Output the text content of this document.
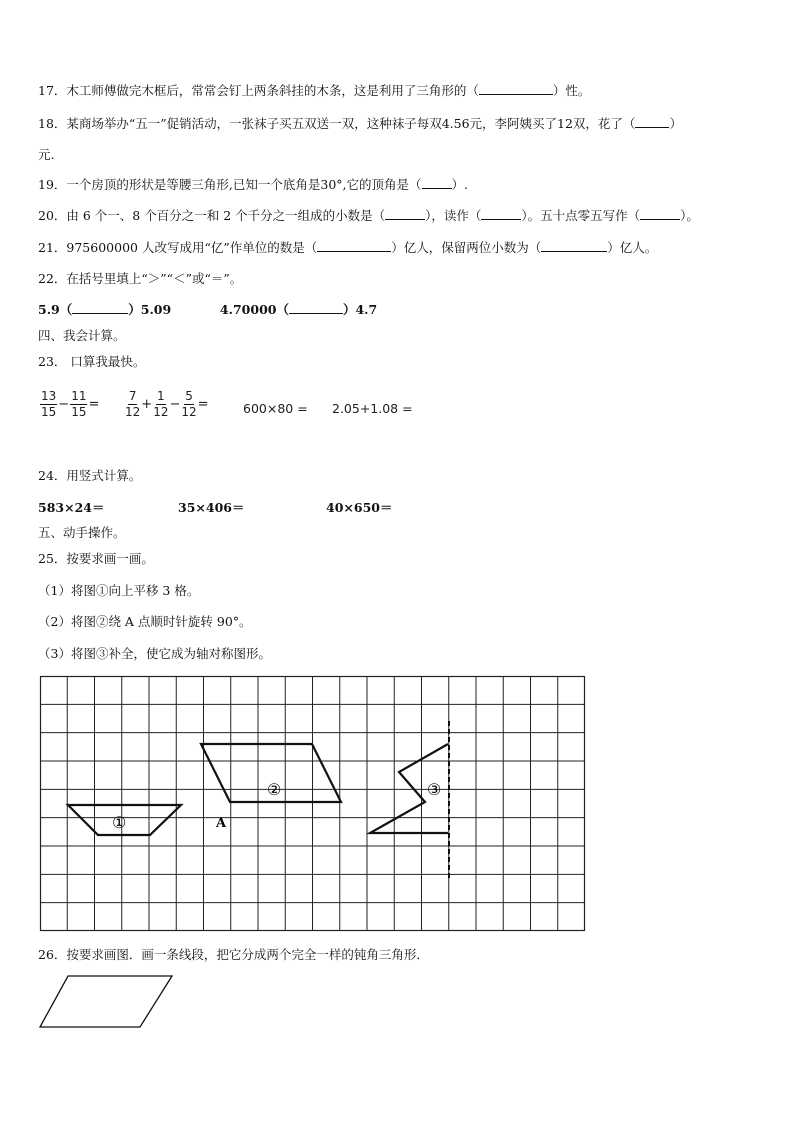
17．木工师傅做完木框后，常常会钉上两条斜挂的木条，这是利用了三角形的（	）性。
18．某商场举办“五一”促销活动，一张袜子买五双送一双，这种袜子每双4.56元，李阿姨买了12双，花了（	）
元.
19．一个房顶的形状是等腰三角形,已知一个底角是30°,它的顶角是（ ）.
20．由 6 个一、8 个百分之一和 2 个千分之一组成的小数是（	），读作（	）。五十点零五写作（	）。
21．975600000 人改写成用“亿”作单位的数是（	）亿人，保留两位小数为（	）亿人。
22．在括号里填上“＞”“＜”或“＝”。
5.9（	）5.09	4.70000（	）4.7
四、我会计算。
23． 口算我最快。
$\frac{13}{15} - \frac{11}{15} = \frac{7}{12} + \frac{1}{12} - \frac{5}{12}$ =	600×80 = 2.05+1.08 =
24．用竖式计算。
583×24＝	35×406＝	40×650＝
五、动手操作。
25．按要求画一画。
（1）将图①向上平移 3 格。
（2）将图②绕 A 点顺时针旋转 90°。
（3）将图③补全，使它成为轴对称图形。
①
②	③
A
26．按要求画图．画一条线段，把它分成两个完全一样的钝角三角形．
